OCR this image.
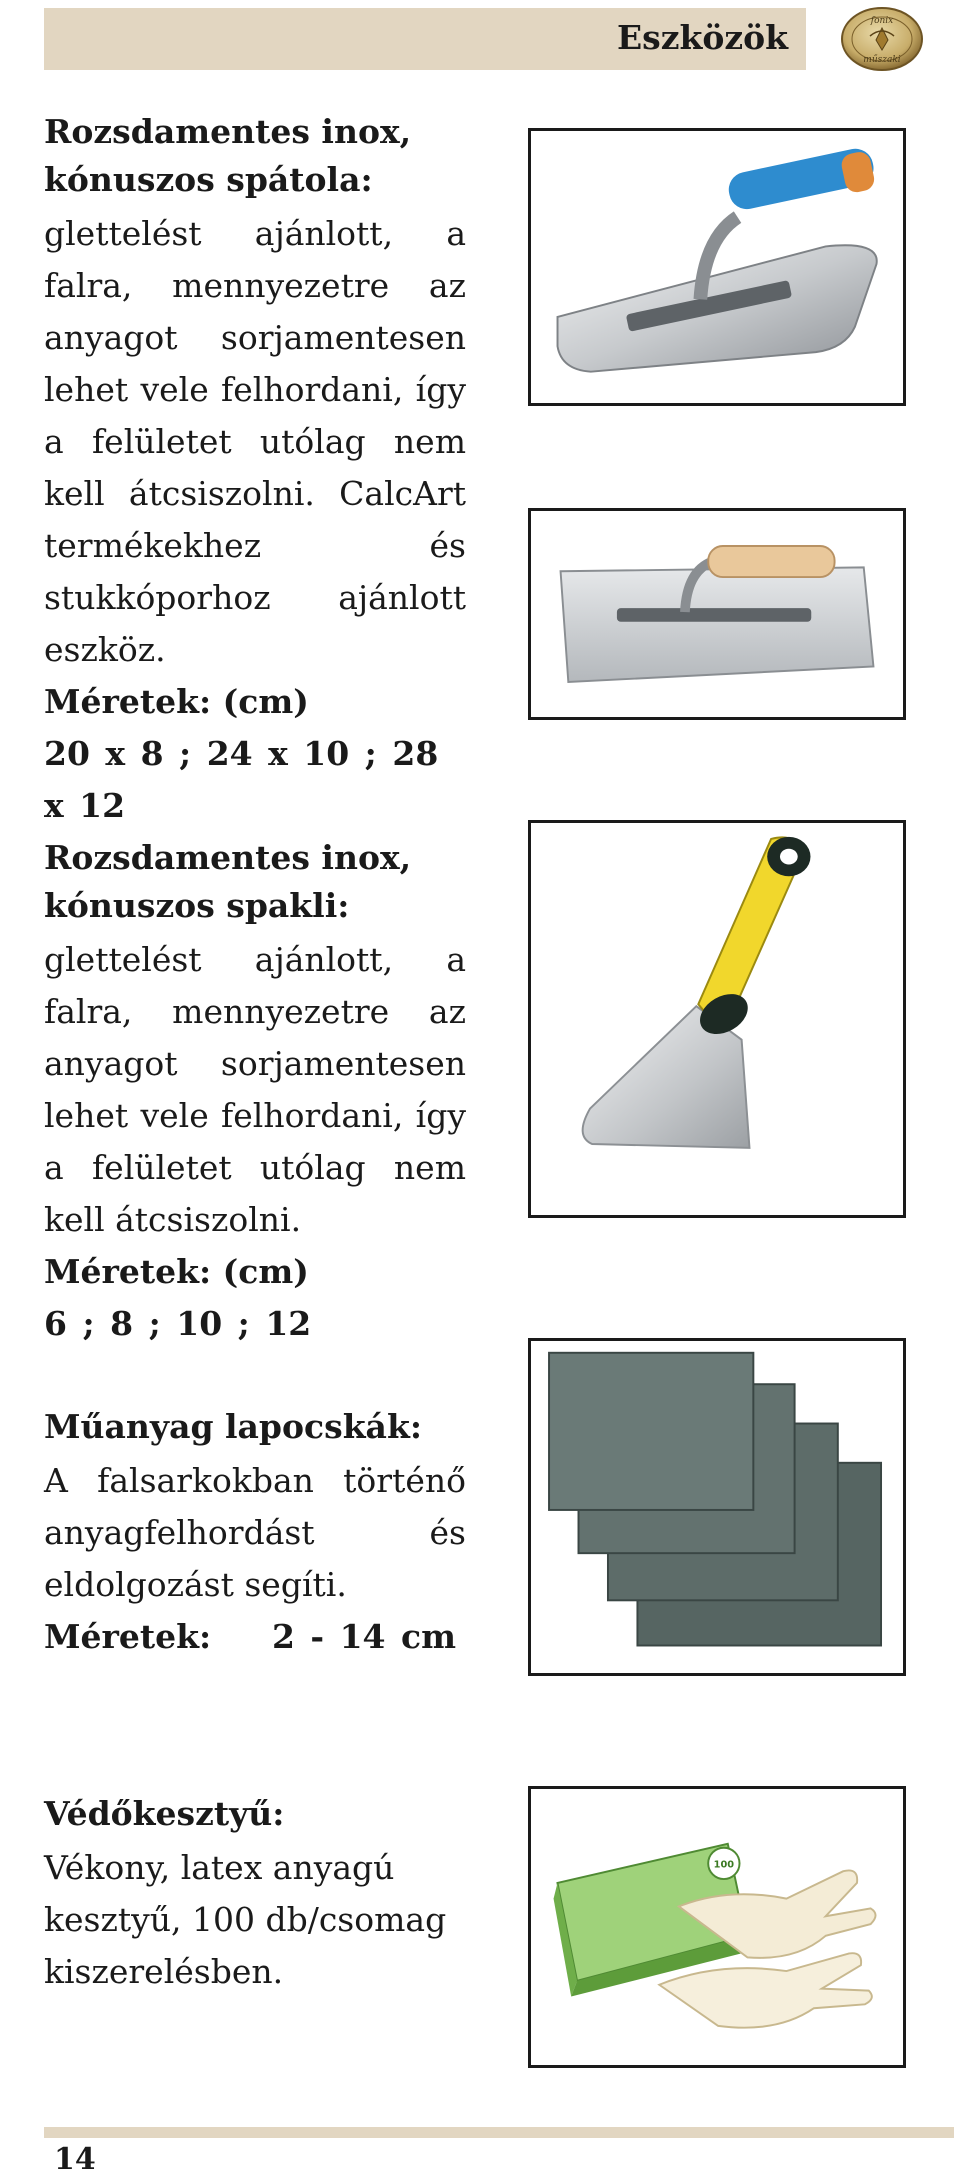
Eszközök	fonix
műszaki
Rozsdamentes inox, kónuszos spátola:
glettelést ajánlott, a falra, mennyezetre az anyagot sorjamentesen lehet vele felhordani, így a felületet utólag nem kell átcsiszolni. CalcArt termékekhez és stukkóporhoz ajánlott eszköz.
Méretek: (cm)
20 x 8 ; 24 x 10 ; 28 x 12
Rozsdamentes inox, kónuszos spakli:
glettelést ajánlott, a falra, mennyezetre az anyagot sorjamentesen lehet vele felhordani, így a felületet utólag nem kell átcsiszolni.
Méretek: (cm)
6 ; 8 ; 10 ; 12
Műanyag lapocskák:
A falsarkokban történő anyagfelhordást és eldolgozást segíti.
Méretek: 2 - 14 cm
Védőkesztyű:
Vékony, latex anyagú kesztyű, 100 db/csomag kiszerelésben.
100
14
